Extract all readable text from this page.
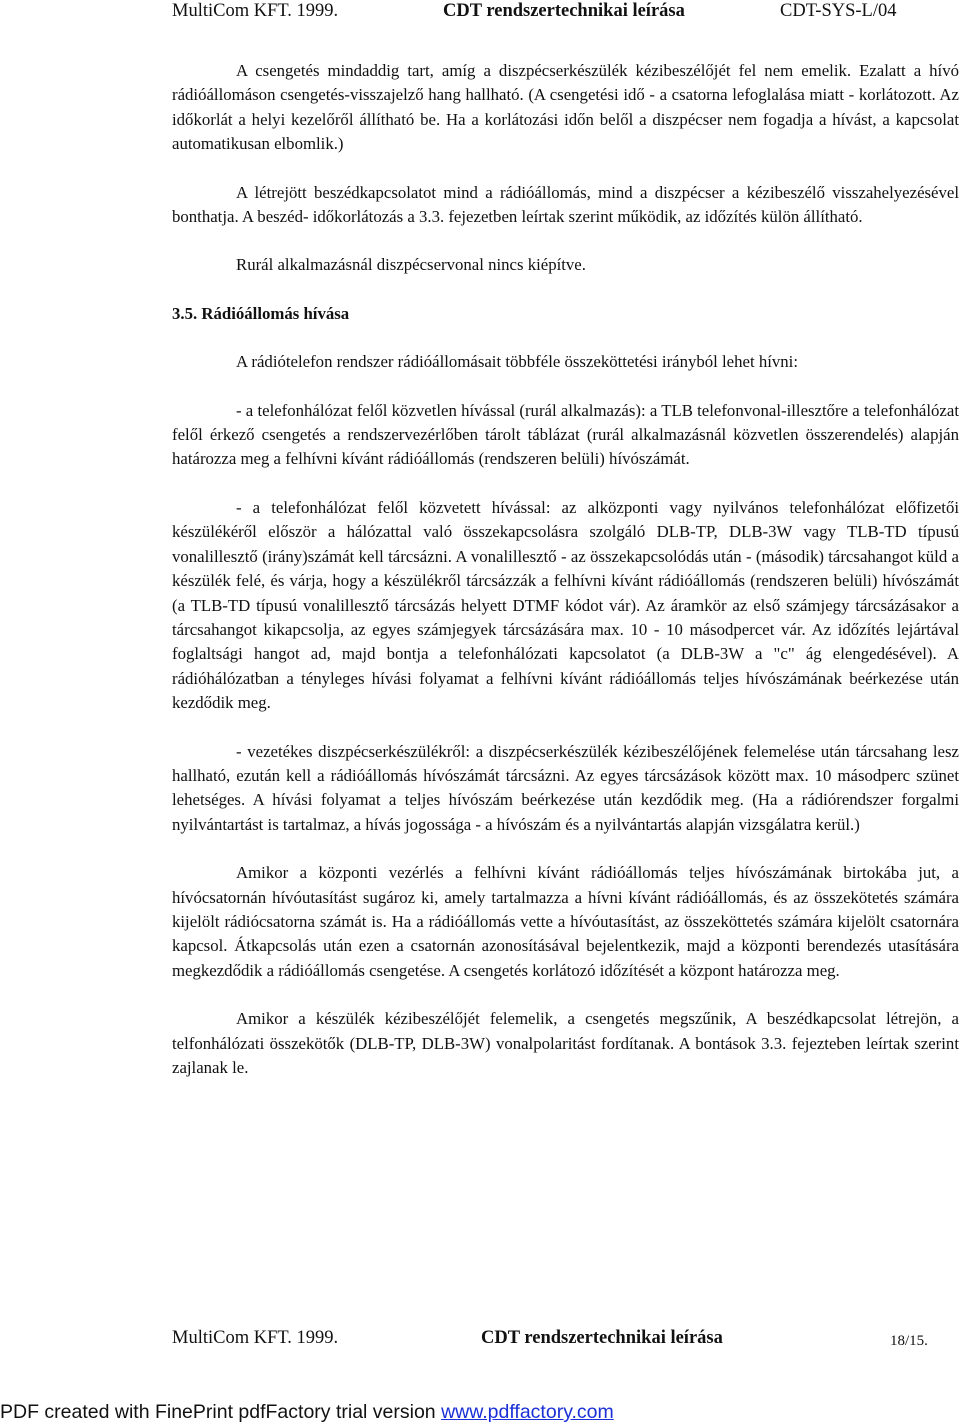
MultiCom KFT. 1999.	CDT rendszertechnikai leírása	CDT-SYS-L/04

A csengetés mindaddig tart, amíg a diszpécserkészülék kézibeszélőjét fel nem emelik. Ezalatt a hívó rádióállomáson csengetés-visszajelző hang hallható. (A csengetési idő - a csatorna lefoglalása miatt - korlátozott. Az időkorlát a helyi kezelőről állítható be. Ha a korlátozási időn belől a diszpécser nem fogadja a hívást, a kapcsolat automatikusan elbomlik.)

A létrejött beszédkapcsolatot mind a rádióállomás, mind a diszpécser a kézibeszélő visszahelyezésével bonthatja. A beszéd- időkorlátozás a 3.3. fejezetben leírtak szerint működik, az időzítés külön állítható.

Rurál alkalmazásnál diszpécservonal nincs kiépítve.

3.5. Rádióállomás hívása

A rádiótelefon rendszer rádióállomásait többféle összeköttetési irányból lehet hívni:

- a telefonhálózat felől közvetlen hívással (rurál alkalmazás): a TLB telefonvonal-illesztőre a telefonhálózat felől érkező csengetés a rendszervezérlőben tárolt táblázat (rurál alkalmazásnál közvetlen összerendelés) alapján határozza meg a felhívni kívánt rádióállomás (rendszeren belüli) hívószámát.

- a telefonhálózat felől közvetett hívással: az alközponti vagy nyilvános telefonhálózat előfizetői készülékéről először a hálózattal való összekapcsolásra szolgáló DLB-TP, DLB-3W vagy TLB-TD típusú vonalillesztő (irány)számát kell tárcsázni. A vonalillesztő - az összekapcsolódás után - (második) tárcsahangot küld a készülék felé, és várja, hogy a készülékről tárcsázzák a felhívni kívánt rádióállomás (rendszeren belüli) hívószámát (a TLB-TD típusú vonalillesztő tárcsázás helyett DTMF kódot vár). Az áramkör az első számjegy tárcsázásakor a tárcsahangot kikapcsolja, az egyes számjegyek tárcsázására max. 10 - 10 másodpercet vár. Az időzítés lejártával foglaltsági hangot ad, majd bontja a telefonhálózati kapcsolatot (a DLB-3W a "c" ág elengedésével). A rádióhálózatban a tényleges hívási folyamat a felhívni kívánt rádióállomás teljes hívószámának beérkezése után kezdődik meg.

- vezetékes diszpécserkészülékről: a diszpécserkészülék kézibeszélőjének felemelése után tárcsahang lesz hallható, ezután kell a rádióállomás hívószámát tárcsázni. Az egyes tárcsázások között max. 10 másodperc szünet lehetséges. A hívási folyamat a teljes hívószám beérkezése után kezdődik meg. (Ha a rádiórendszer forgalmi nyilvántartást is tartalmaz, a hívás jogossága - a hívószám és a nyilvántartás alapján vizsgálatra kerül.)

Amikor a központi vezérlés a felhívni kívánt rádióállomás teljes hívószámának birtokába jut, a hívócsatornán hívóutasítást sugároz ki, amely tartalmazza a hívni kívánt rádióállomás, és az összekötetés számára kijelölt rádiócsatorna számát is. Ha a rádióállomás vette a hívóutasítást, az összeköttetés számára kijelölt csatornára kapcsol. Átkapcsolás után ezen a csatornán azonosításával bejelentkezik, majd a központi berendezés utasítására megkezdődik a rádióállomás csengetése. A csengetés korlátozó időzítését a központ határozza meg.

Amikor a készülék kézibeszélőjét felemelik, a csengetés megszűnik, A beszédkapcsolat létrejön, a telfonhálózati összekötők (DLB-TP, DLB-3W) vonalpolaritást fordítanak. A bontások 3.3. fejezteben leírtak szerint zajlanak le.

MultiCom KFT. 1999.	CDT rendszertechnikai leírása	18/15.
PDF created with FinePrint pdfFactory trial version www.pdffactory.com
